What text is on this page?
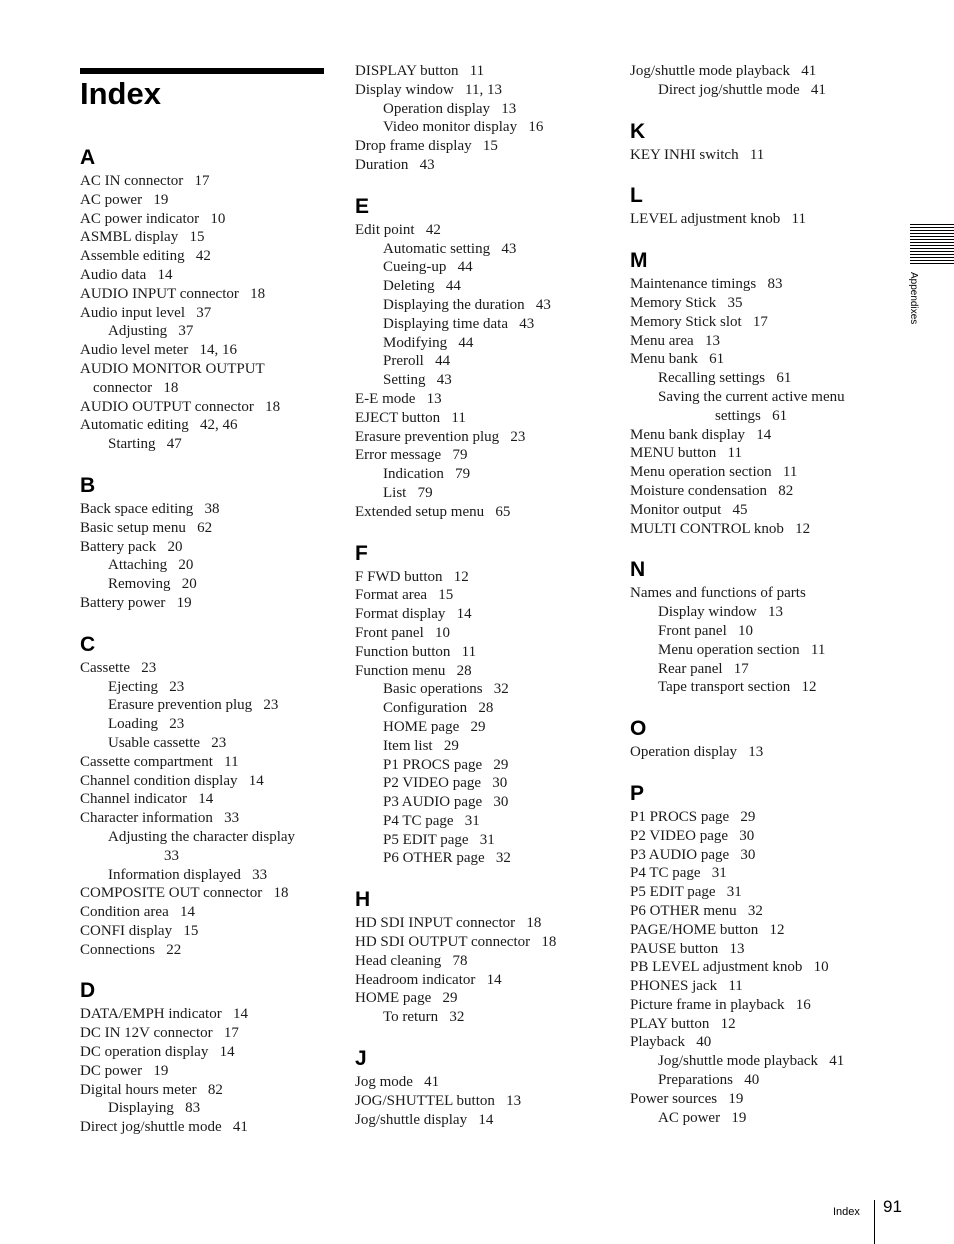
Index
A
AC IN connector   17
AC power   19
AC power indicator   10
ASMBL display   15
Assemble editing   42
Audio data   14
AUDIO INPUT connector   18
Audio input level   37
Adjusting   37
Audio level meter   14, 16
AUDIO MONITOR OUTPUT
connector   18
AUDIO OUTPUT connector   18
Automatic editing   42, 46
Starting   47
B
Back space editing   38
Basic setup menu   62
Battery pack   20
Attaching   20
Removing   20
Battery power   19
C
Cassette   23
Ejecting   23
Erasure prevention plug   23
Loading   23
Usable cassette   23
Cassette compartment   11
Channel condition display   14
Channel indicator   14
Character information   33
Adjusting the character display
33
Information displayed   33
COMPOSITE OUT connector   18
Condition area   14
CONFI display   15
Connections   22
D
DATA/EMPH indicator   14
DC IN 12V connector   17
DC operation display   14
DC power   19
Digital hours meter   82
Displaying   83
Direct jog/shuttle mode   41
DISPLAY button   11
Display window   11, 13
Operation display   13
Video monitor display   16
Drop frame display   15
Duration   43
E
Edit point   42
Automatic setting   43
Cueing-up   44
Deleting   44
Displaying the duration   43
Displaying time data   43
Modifying   44
Preroll   44
Setting   43
E-E mode   13
EJECT button   11
Erasure prevention plug   23
Error message   79
Indication   79
List   79
Extended setup menu   65
F
F FWD button   12
Format area   15
Format display   14
Front panel   10
Function button   11
Function menu   28
Basic operations   32
Configuration   28
HOME page   29
Item list   29
P1 PROCS page   29
P2 VIDEO page   30
P3 AUDIO page   30
P4 TC page   31
P5 EDIT page   31
P6 OTHER page   32
H
HD SDI INPUT connector   18
HD SDI OUTPUT connector   18
Head cleaning   78
Headroom indicator   14
HOME page   29
To return   32
J
Jog mode   41
JOG/SHUTTEL button   13
Jog/shuttle display   14
Jog/shuttle mode playback   41
Direct jog/shuttle mode   41
K
KEY INHI switch   11
L
LEVEL adjustment knob   11
M
Maintenance timings   83
Memory Stick   35
Memory Stick slot   17
Menu area   13
Menu bank   61
Recalling settings   61
Saving the current active menu
settings   61
Menu bank display   14
MENU button   11
Menu operation section   11
Moisture condensation   82
Monitor output   45
MULTI CONTROL knob   12
N
Names and functions of parts
Display window   13
Front panel   10
Menu operation section   11
Rear panel   17
Tape transport section   12
O
Operation display   13
P
P1 PROCS page   29
P2 VIDEO page   30
P3 AUDIO page   30
P4 TC page   31
P5 EDIT page   31
P6 OTHER menu   32
PAGE/HOME button   12
PAUSE button   13
PB LEVEL adjustment knob   10
PHONES jack   11
Picture frame in playback   16
PLAY button   12
Playback   40
Jog/shuttle mode playback   41
Preparations   40
Power sources   19
AC power   19
Appendixes
Index 91
